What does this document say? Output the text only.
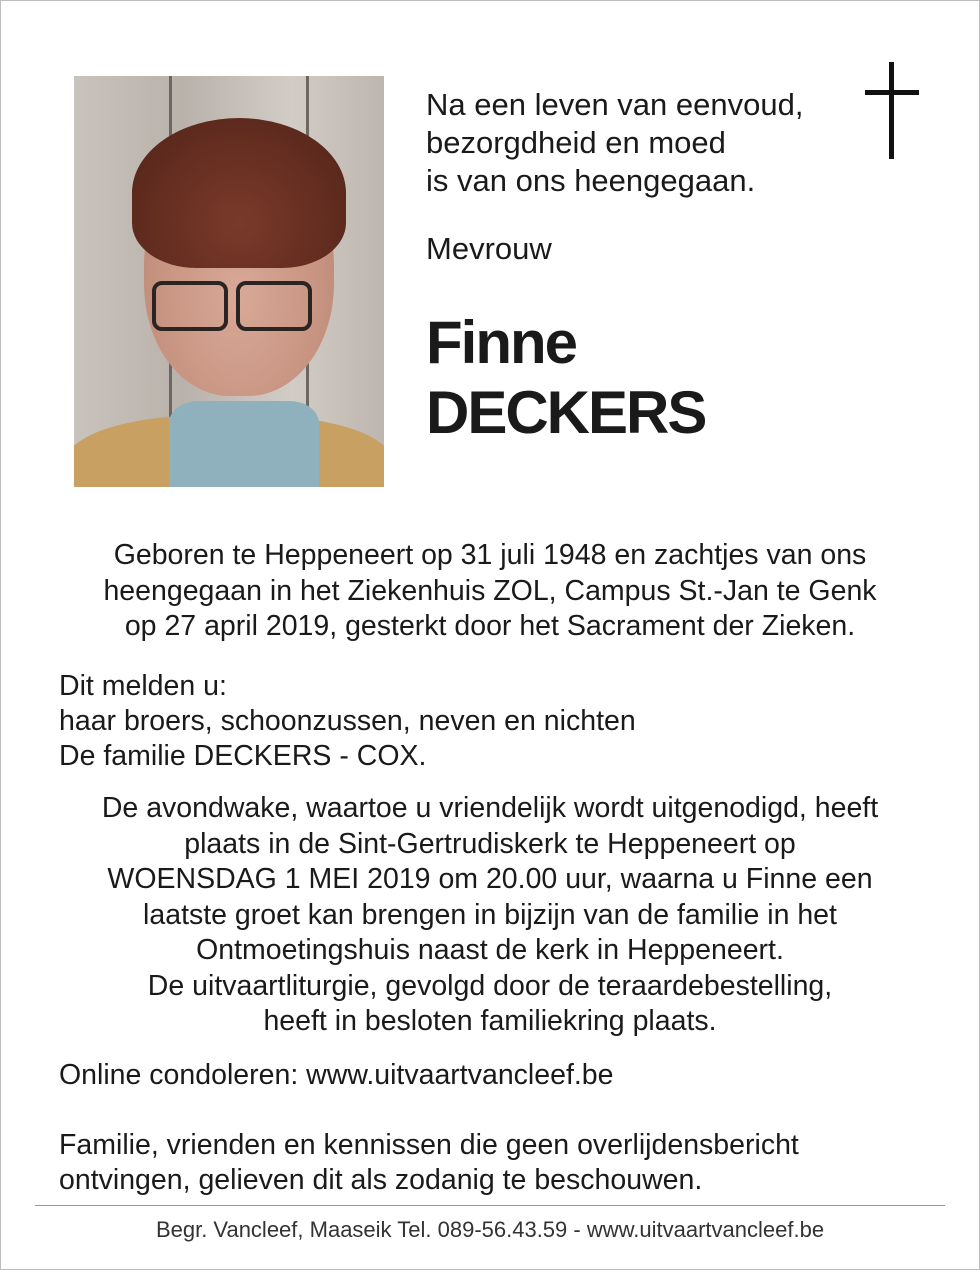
Na een leven van eenvoud,
bezorgdheid en moed
is van ons heengegaan.
Mevrouw
Finne
DECKERS
Geboren te Heppeneert op 31 juli 1948 en zachtjes van ons
heengegaan in het Ziekenhuis ZOL, Campus St.-Jan te Genk
op 27 april 2019, gesterkt door het Sacrament der Zieken.
Dit melden u:
haar broers, schoonzussen, neven en nichten
De familie DECKERS - COX.
De avondwake, waartoe u vriendelijk wordt uitgenodigd, heeft
plaats in de Sint-Gertrudiskerk te Heppeneert op
WOENSDAG 1 MEI 2019 om 20.00 uur, waarna u Finne een
laatste groet kan brengen in bijzijn van de familie in het
Ontmoetingshuis naast de kerk in Heppeneert.
De uitvaartliturgie, gevolgd door de teraardebestelling,
heeft in besloten familiekring plaats.
Online condoleren: www.uitvaartvancleef.be
Familie, vrienden en kennissen die geen overlijdensbericht
ontvingen, gelieven dit als zodanig te beschouwen.
Begr. Vancleef, Maaseik Tel. 089-56.43.59 - www.uitvaartvancleef.be
